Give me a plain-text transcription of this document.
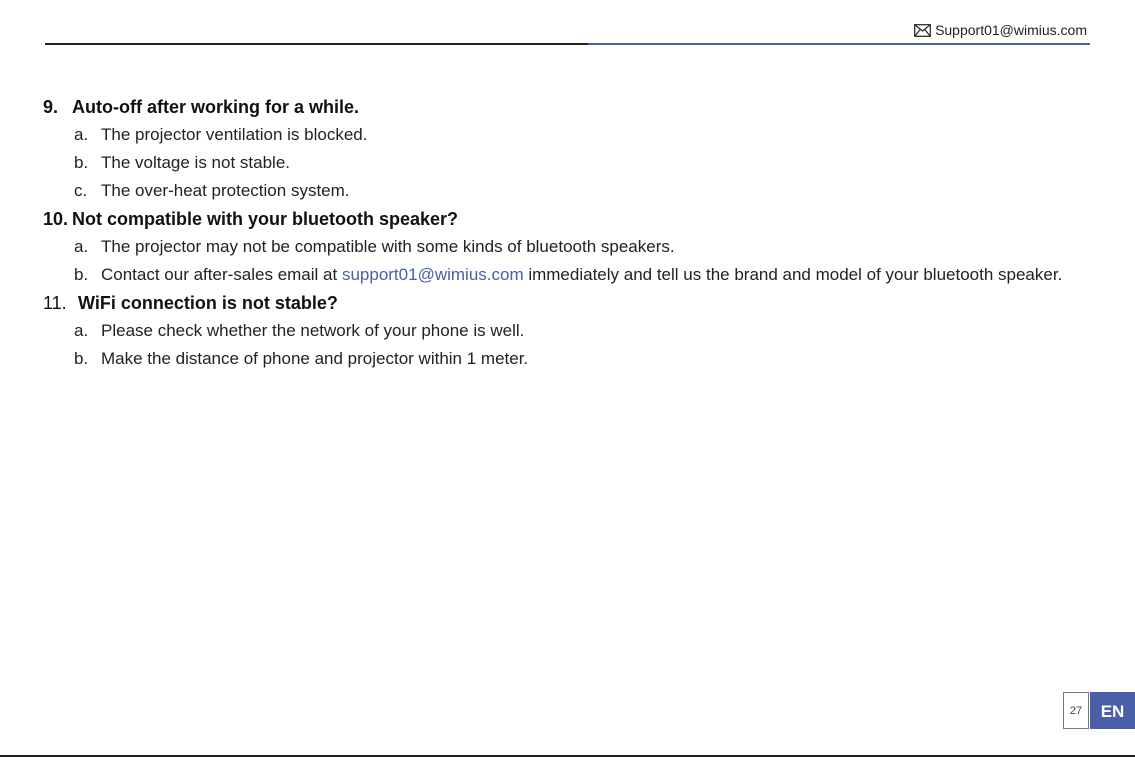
Support01@wimius.com
9. Auto-off after working for a while.
a. The projector ventilation is blocked.
b. The voltage is not stable.
c. The over-heat protection system.
10. Not compatible with your bluetooth speaker?
a. The projector may not be compatible with some kinds of bluetooth speakers.
b. Contact our after-sales email at support01@wimius.com immediately and tell us the brand and model of your bluetooth speaker.
11. WiFi connection is not stable?
a. Please check whether the network of your phone is well.
b. Make the distance of phone and projector within 1 meter.
27	EN
